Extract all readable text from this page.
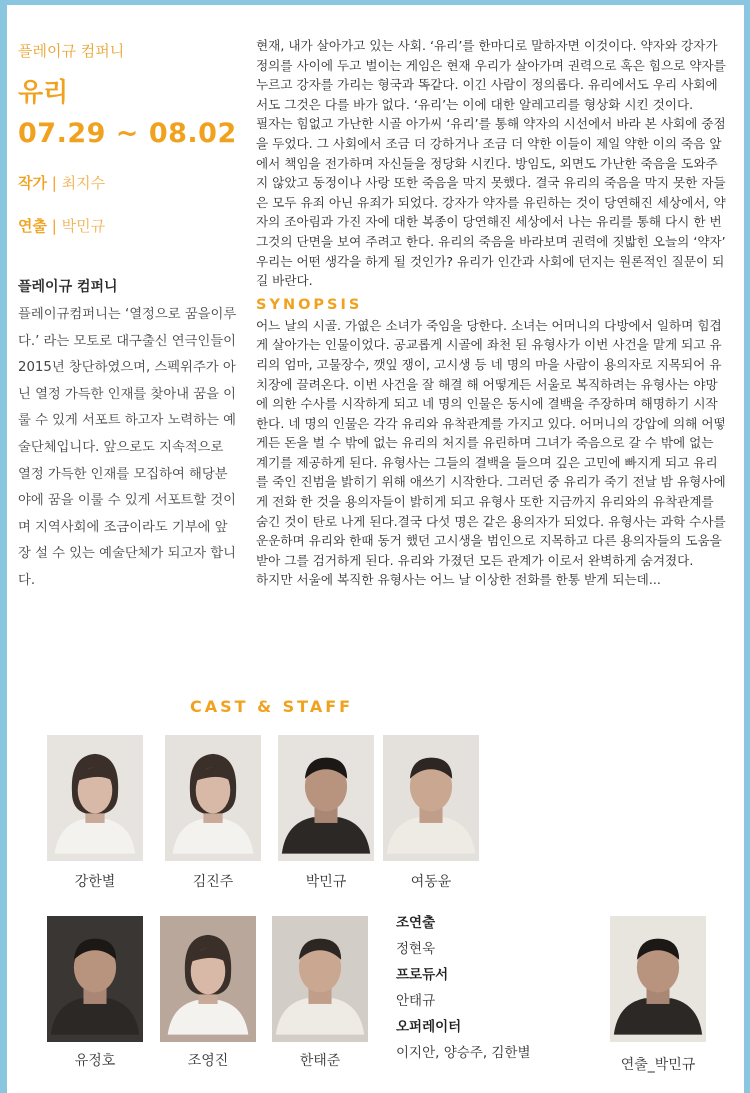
플레이규 컴퍼니
유리
07.29 ~ 08.02
작가 | 최지수
연출 | 박민규
플레이규 컴퍼니

플레이규컴퍼니는 ‘열정으로 꿈을이루다.’ 라는 모토로 대구출신 연극인들이 2015년 창단하였으며, 스펙위주가 아닌 열정 가득한 인재를 찾아내 꿈을 이룰 수 있게 서포트 하고자 노력하는 예술단체입니다. 앞으로도 지속적으로 열정 가득한 인재를 모집하여 해당분야에 꿈을 이룰 수 있게 서포트할 것이며 지역사회에 조금이라도 기부에 앞장 설 수 있는 예술단체가 되고자 합니다.

현재, 내가 살아가고 있는 사회. ‘유리’를 한마디로 말하자면 이것이다. 약자와 강자가 정의를 사이에 두고 벌이는 게임은 현재 우리가 살아가며 권력으로 혹은 힘으로 약자를 누르고 강자를 가리는 형국과 똑같다. 이긴 사람이 정의롭다. 유리에서도 우리 사회에서도 그것은 다를 바가 없다. ‘유리’는 이에 대한 알레고리를 형상화 시킨 것이다.

필자는 힘없고 가난한 시골 아가씨 ‘유리’를 통해 약자의 시선에서 바라 본 사회에 중점을 두었다. 그 사회에서 조금 더 강하거나 조금 더 약한 이들이 제일 약한 이의 죽음 앞에서 책임을 전가하며 자신들을 정당화 시킨다. 방임도, 외면도 가난한 죽음을 도와주지 않았고 동정이나 사랑 또한 죽음을 막지 못했다. 결국 유리의 죽음을 막지 못한 자들은 모두 유죄 아닌 유죄가 되었다. 강자가 약자를 유린하는 것이 당연해진 세상에서, 약자의 조아림과 가진 자에 대한 복종이 당연해진 세상에서 나는 유리를 통해 다시 한 번 그것의 단면을 보여 주려고 한다. 유리의 죽음을 바라보며 권력에 짓밟힌 오늘의 ‘약자’ 우리는 어떤 생각을 하게 될 것인가? 유리가 인간과 사회에 던지는 원론적인 질문이 되길 바란다.

SYNOPSIS

어느 날의 시골. 가엾은 소녀가 죽임을 당한다. 소녀는 어머니의 다방에서 일하며 힘겹게 살아가는 인물이었다. 공교롭게 시골에 좌천 된 유형사가 이번 사건을 맡게 되고 유리의 엄마, 고물장수, 깻잎 쟁이, 고시생 등 네 명의 마을 사람이 용의자로 지목되어 유치장에 끌려온다. 이번 사건을 잘 해결 해 어떻게든 서울로 복직하려는 유형사는 야망에 의한 수사를 시작하게 되고 네 명의 인물은 동시에 결백을 주장하며 해명하기 시작한다. 네 명의 인물은 각각 유리와 유착관계를 가지고 있다. 어머니의 강압에 의해 어떻게든 돈을 벌 수 밖에 없는 유리의 처지를 유린하며 그녀가 죽음으로 갈 수 밖에 없는 계기를 제공하게 된다. 유형사는 그들의 결백을 들으며 깊은 고민에 빠지게 되고 유리를 죽인 진범을 밝히기 위해 애쓰기 시작한다. 그러던 중 유리가 죽기 전날 밤 유형사에게 전화 한 것을 용의자들이 밝히게 되고 유형사 또한 지금까지 유리와의 유착관계를 숨긴 것이 탄로 나게 된다.결국 다섯 명은 같은 용의자가 되었다. 유형사는 과학 수사를 운운하며 유리와 한때 동거 했던 고시생을 범인으로 지목하고 다른 용의자들의 도움을 받아 그를 검거하게 된다. 유리와 가졌던 모든 관계가 이로서 완벽하게 숨겨졌다.

하지만 서울에 복직한 유형사는 어느 날 이상한 전화를 한통 받게 되는데...

CAST & STAFF
강한별	김진주	박민규	여동윤
유정호	조영진	한태준
조연출
정현욱
프로듀서
안태규
오퍼레이터
이지안, 양승주, 김한별
연출_박민규
